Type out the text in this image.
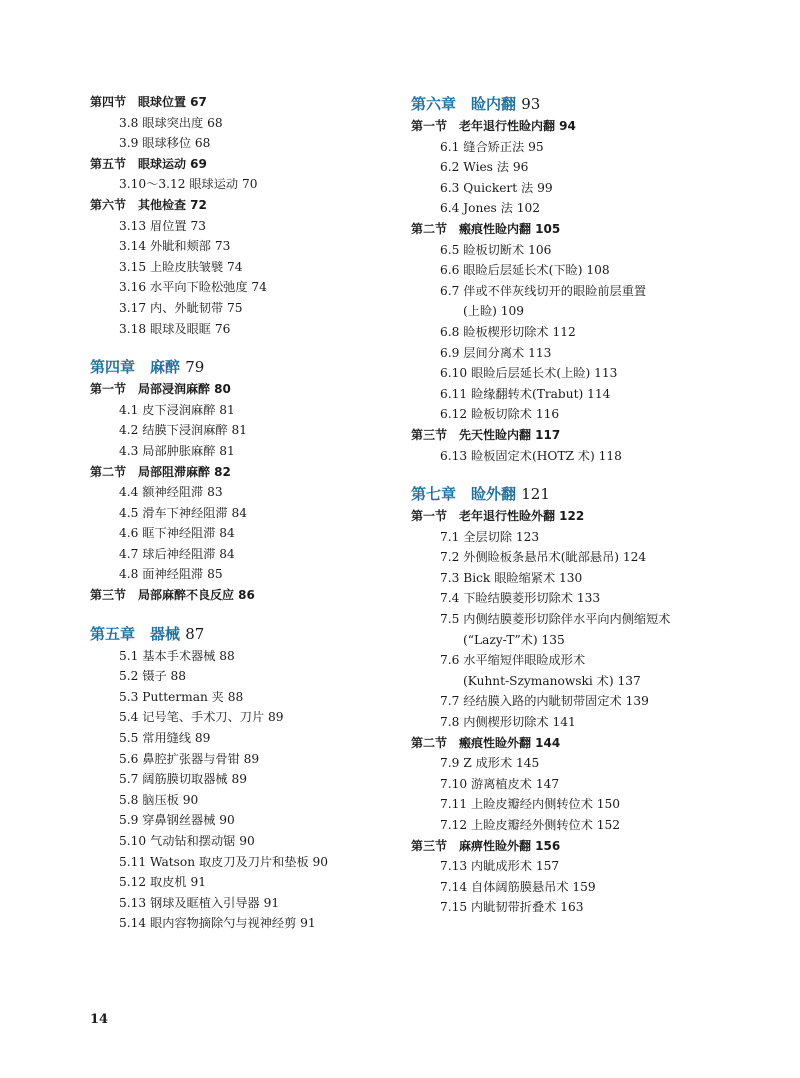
第四节　眼球位置 67
3.8 眼球突出度 68
3.9 眼球移位 68
第五节　眼球运动 69
3.10～3.12 眼球运动 70
第六节　其他检查 72
3.13 眉位置 73
3.14 外眦和颊部 73
3.15 上睑皮肤皱襞 74
3.16 水平向下睑松弛度 74
3.17 内、外眦韧带 75
3.18 眼球及眼眶 76
第四章　麻醉 79
第一节　局部浸润麻醉 80
4.1 皮下浸润麻醉 81
4.2 结膜下浸润麻醉 81
4.3 局部肿胀麻醉 81
第二节　局部阻滞麻醉 82
4.4 额神经阻滞 83
4.5 滑车下神经阻滞 84
4.6 眶下神经阻滞 84
4.7 球后神经阻滞 84
4.8 面神经阻滞 85
第三节　局部麻醉不良反应 86
第五章　器械 87
5.1 基本手术器械 88
5.2 镊子 88
5.3 Putterman 夹 88
5.4 记号笔、手术刀、刀片 89
5.5 常用缝线 89
5.6 鼻腔扩张器与骨钳 89
5.7 阔筋膜切取器械 89
5.8 脑压板 90
5.9 穿鼻钢丝器械 90
5.10 气动钻和摆动锯 90
5.11 Watson 取皮刀及刀片和垫板 90
5.12 取皮机 91
5.13 钢球及眶植入引导器 91
5.14 眼内容物摘除勺与视神经剪 91
第六章　睑内翻 93
第一节　老年退行性睑内翻 94
6.1 缝合矫正法 95
6.2 Wies 法 96
6.3 Quickert 法 99
6.4 Jones 法 102
第二节　瘢痕性睑内翻 105
6.5 睑板切断术 106
6.6 眼睑后层延长术(下睑) 108
6.7 伴或不伴灰线切开的眼睑前层重置
(上睑) 109
6.8 睑板楔形切除术 112
6.9 层间分离术 113
6.10 眼睑后层延长术(上睑) 113
6.11 睑缘翻转术(Trabut) 114
6.12 睑板切除术 116
第三节　先天性睑内翻 117
6.13 睑板固定术(HOTZ 术) 118
第七章　睑外翻 121
第一节　老年退行性睑外翻 122
7.1 全层切除 123
7.2 外侧睑板条悬吊术(眦部悬吊) 124
7.3 Bick 眼睑缩紧术 130
7.4 下睑结膜菱形切除术 133
7.5 内侧结膜菱形切除伴水平向内侧缩短术
(“Lazy-T”术) 135
7.6 水平缩短伴眼睑成形术
(Kuhnt-Szymanowski 术) 137
7.7 经结膜入路的内眦韧带固定术 139
7.8 内侧楔形切除术 141
第二节　瘢痕性睑外翻 144
7.9 Z 成形术 145
7.10 游离植皮术 147
7.11 上睑皮瓣经内侧转位术 150
7.12 上睑皮瓣经外侧转位术 152
第三节　麻痹性睑外翻 156
7.13 内眦成形术 157
7.14 自体阔筋膜悬吊术 159
7.15 内眦韧带折叠术 163
14
